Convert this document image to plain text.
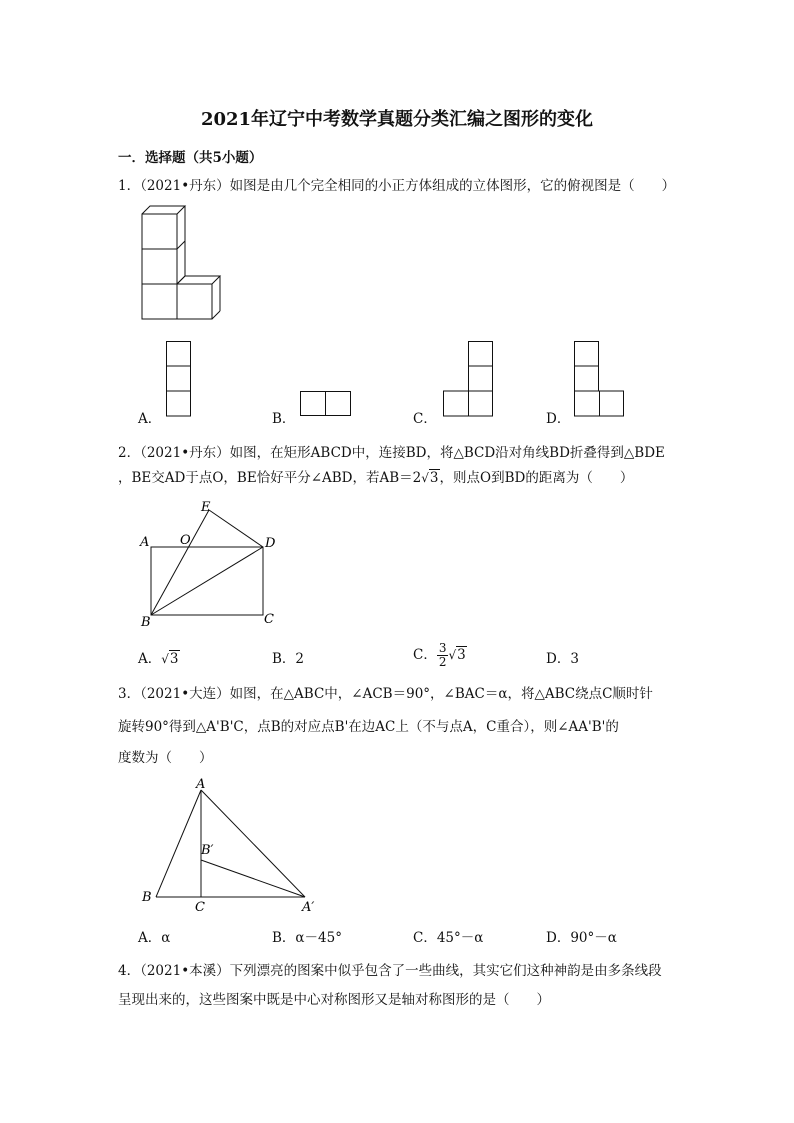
2021年辽宁中考数学真题分类汇编之图形的变化
一．选择题（共5小题）
1．（2021•丹东）如图是由几个完全相同的小正方体组成的立体图形，它的俯视图是（　　）
A．	B．	C．	D．
2．（2021•丹东）如图，在矩形ABCD中，连接BD，将△BCD沿对角线BD折叠得到△BDE
，BE交AD于点O，BE恰好平分∠ABD，若AB＝2√3，则点O到BD的距离为（　　）
A O
E
D
B	C
A．√3	B．2	C． $\frac{3}{2} √3$	D．3
3．（2021•大连）如图，在△ABC中，∠ACB＝90°，∠BAC＝α，将△ABC绕点C顺时针
旋转90°得到△A'B'C，点B的对应点B'在边AC上（不与点A，C重合），则∠AA'B'的
度数为（　　）
A
B′
B
C	A′
A．α	B．α－45°	C．45°－α	D．90°－α
4．（2021•本溪）下列漂亮的图案中似乎包含了一些曲线，其实它们这种神韵是由多条线段
呈现出来的，这些图案中既是中心对称图形又是轴对称图形的是（　　）
